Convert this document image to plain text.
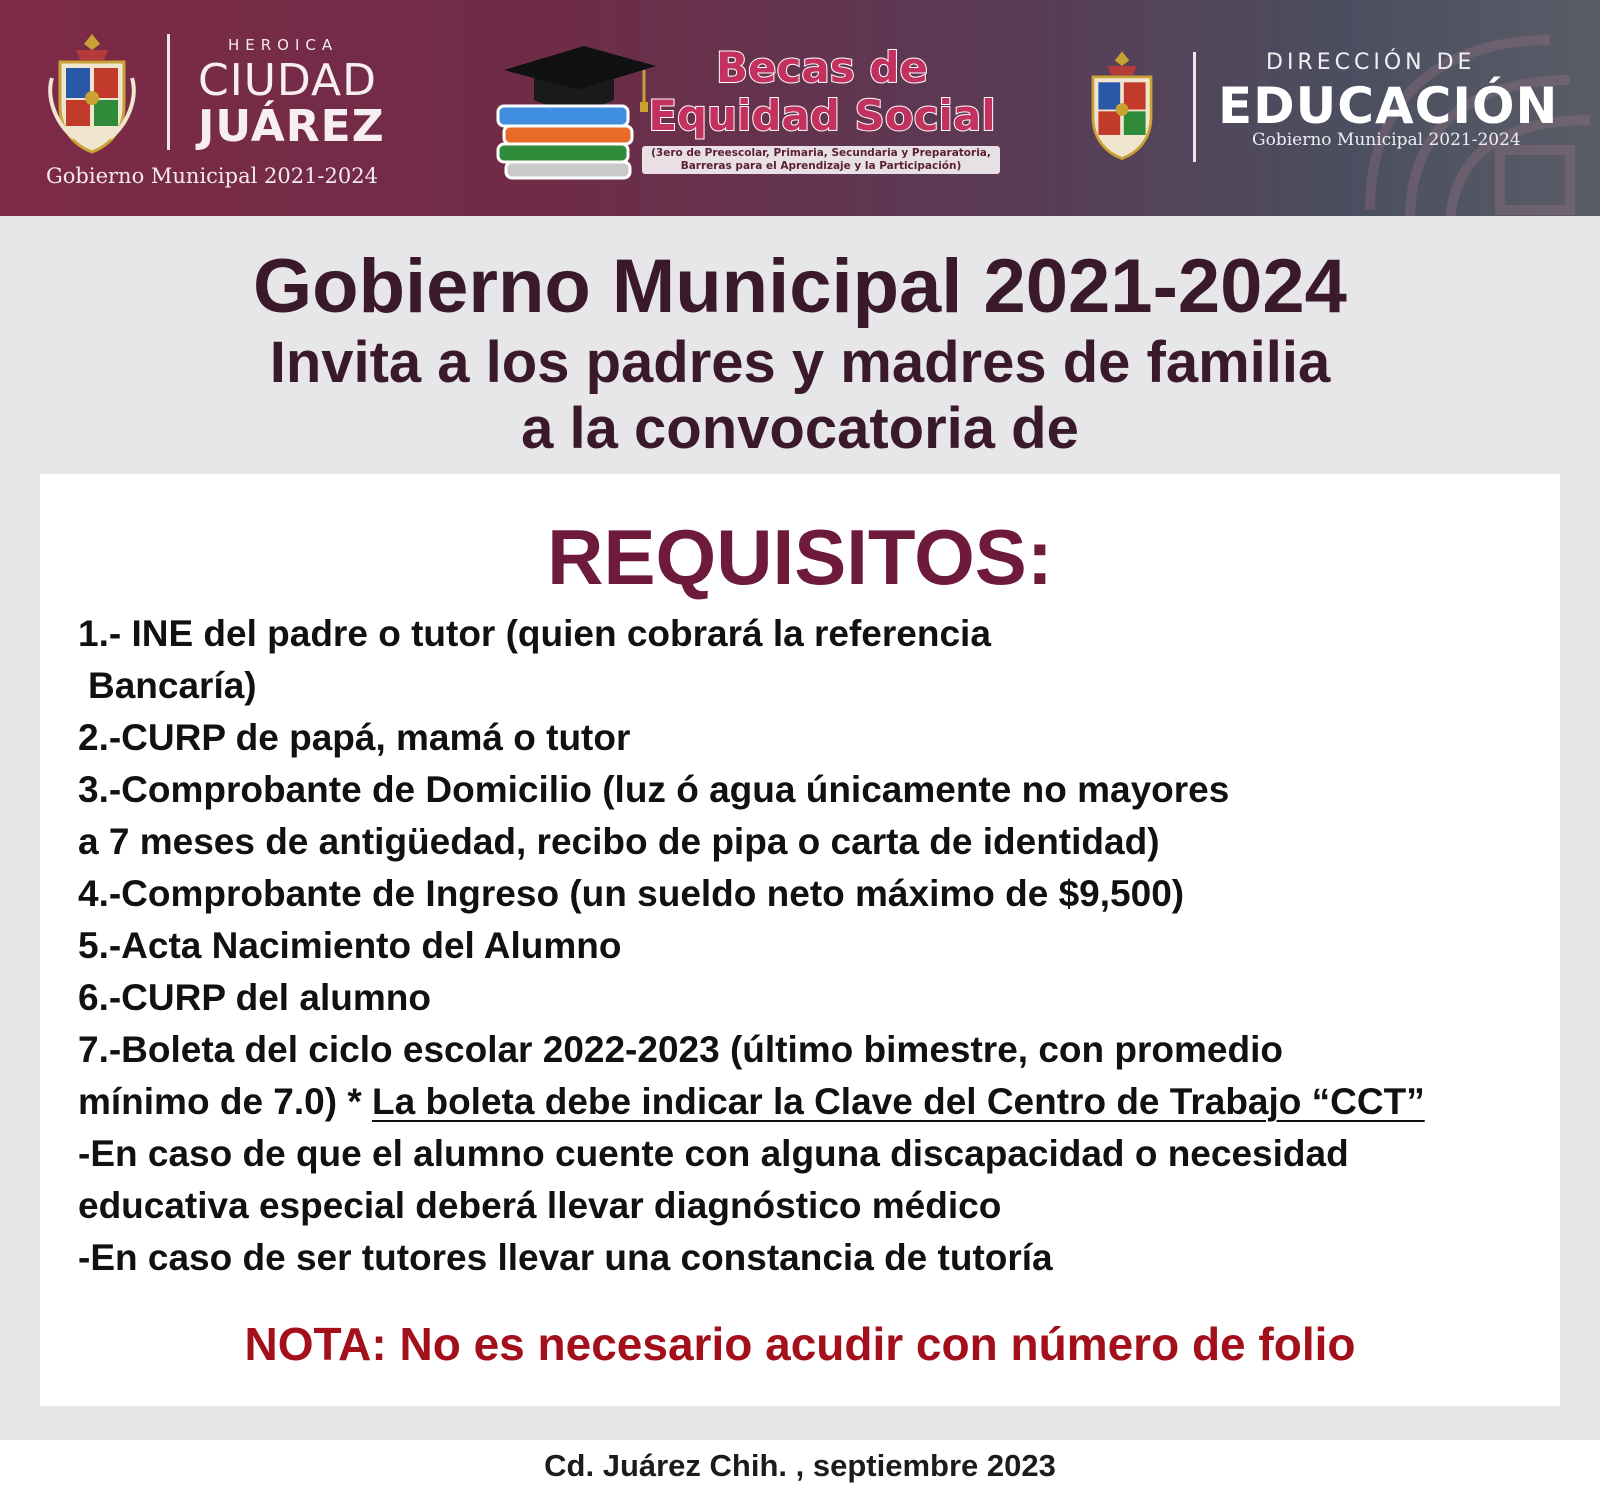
HEROICA
CIUDAD
JUÁREZ
Gobierno Municipal 2021-2024
Becas de
Equidad Social
(3ero de Preescolar, Primaria, Secundaria y Preparatoria,
Barreras para el Aprendizaje y la Participación)
DIRECCIÓN DE
EDUCACIÓN
Gobierno Municipal 2021-2024
Gobierno Municipal 2021-2024
Invita a los padres y madres de familia
a la convocatoria de
REQUISITOS:
1.- INE del padre o tutor (quien cobrará la referencia
Bancaría)
2.-CURP de papá, mamá o tutor
3.-Comprobante de Domicilio (luz ó agua únicamente no mayores
a 7 meses de antigüedad, recibo de pipa o carta de identidad)
4.-Comprobante de Ingreso (un sueldo neto máximo de $9,500)
5.-Acta Nacimiento del Alumno
6.-CURP del alumno
7.-Boleta del ciclo escolar 2022-2023 (último bimestre, con promedio
mínimo de 7.0) * La boleta debe indicar la Clave del Centro de Trabajo “CCT”
-En caso de que el alumno cuente con alguna discapacidad o necesidad
educativa especial deberá llevar diagnóstico médico
-En caso de ser tutores llevar una constancia de tutoría
NOTA: No es necesario acudir con número de folio
Cd. Juárez Chih. , septiembre 2023
